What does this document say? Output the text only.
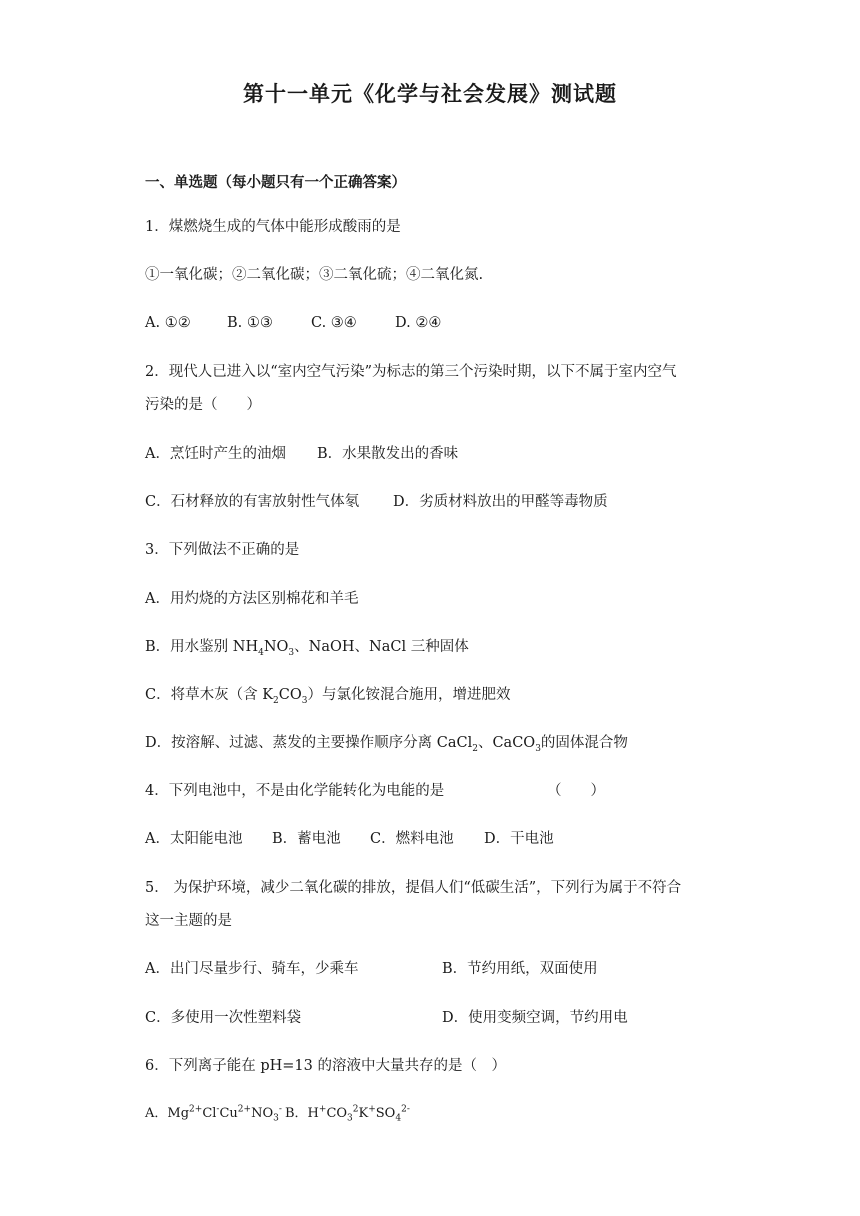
第十一单元《化学与社会发展》测试题
一、单选题（每小题只有一个正确答案）
1．煤燃烧生成的气体中能形成酸雨的是
①一氧化碳；②二氧化碳；③二氧化硫；④二氧化氮.
A. ①②	B. ①③	C. ③④	D. ②④
2．现代人已进入以“室内空气污染”为标志的第三个污染时期，以下不属于室内空气
污染的是（　　）
A．烹饪时产生的油烟 B．水果散发出的香味
C．石材释放的有害放射性气体氡 D．劣质材料放出的甲醛等毒物质
3．下列做法不正确的是
A．用灼烧的方法区别棉花和羊毛
B．用水鉴别 $NH_4NO_3$、NaOH、NaCl 三种固体
C．将草木灰（含 $K_2CO_3$）与氯化铵混合施用，增进肥效
D．按溶解、过滤、蒸发的主要操作顺序分离 CaCl$_2$、CaCO$_3$的固体混合物
4．下列电池中，不是由化学能转化为电能的是	（　　）
A．太阳能电池 B．蓄电池 C．燃料电池 D．干电池
5． 为保护环境，减少二氧化碳的排放，提倡人们“低碳生活”，下列行为属于不符合
这一主题的是
A．出门尽量步行、骑车，少乘车	B．节约用纸，双面使用
C．多使用一次性塑料袋	D．使用变频空调，节约用电
6．下列离子能在 pH=13 的溶液中大量共存的是（　）
A．$Mg^{2+}Cl^-Cu^{2+}NO_3^-$ B．$H^+CO_3^2K^+SO_4^{2-}$
